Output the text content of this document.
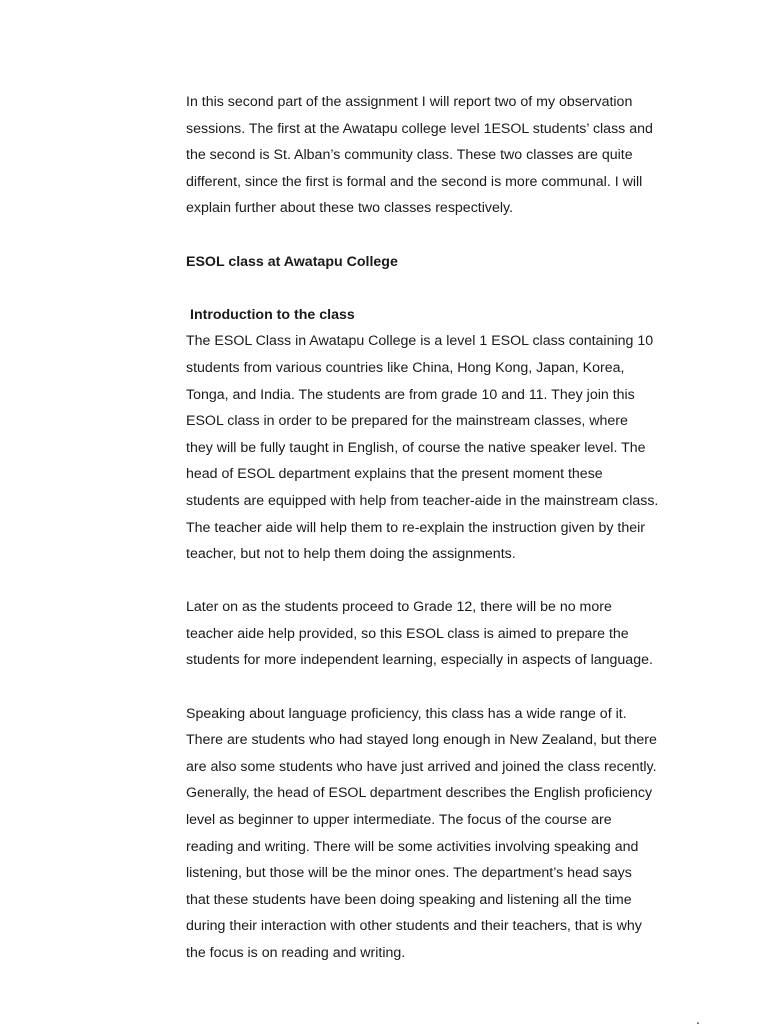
In this second part of the assignment I will report two of my observation
sessions. The first at the Awatapu college level 1ESOL students’ class and
the second is St. Alban’s community class. These two classes are quite
different, since the first is formal and the second is more communal. I will
explain further about these two classes respectively.
ESOL class at Awatapu College
Introduction to the class
The ESOL Class in Awatapu College is a level 1 ESOL class containing 10
students from various countries like China, Hong Kong, Japan, Korea,
Tonga, and India. The students are from grade 10 and 11. They join this
ESOL class in order to be prepared for the mainstream classes, where
they will be fully taught in English, of course the native speaker level. The
head of ESOL department explains that the present moment these
students are equipped with help from teacher-aide in the mainstream class.
The teacher aide will help them to re-explain the instruction given by their
teacher, but not to help them doing the assignments.
Later on as the students proceed to Grade 12, there will be no more
teacher aide help provided, so this ESOL class is aimed to prepare the
students for more independent learning, especially in aspects of language.
Speaking about language proficiency, this class has a wide range of it.
There are students who had stayed long enough in New Zealand, but there
are also some students who have just arrived and joined the class recently.
Generally, the head of ESOL department describes the English proficiency
level as beginner to upper intermediate. The focus of the course are
reading and writing. There will be some activities involving speaking and
listening, but those will be the minor ones. The department’s head says
that these students have been doing speaking and listening all the time
during their interaction with other students and their teachers, that is why
the focus is on reading and writing.
.
